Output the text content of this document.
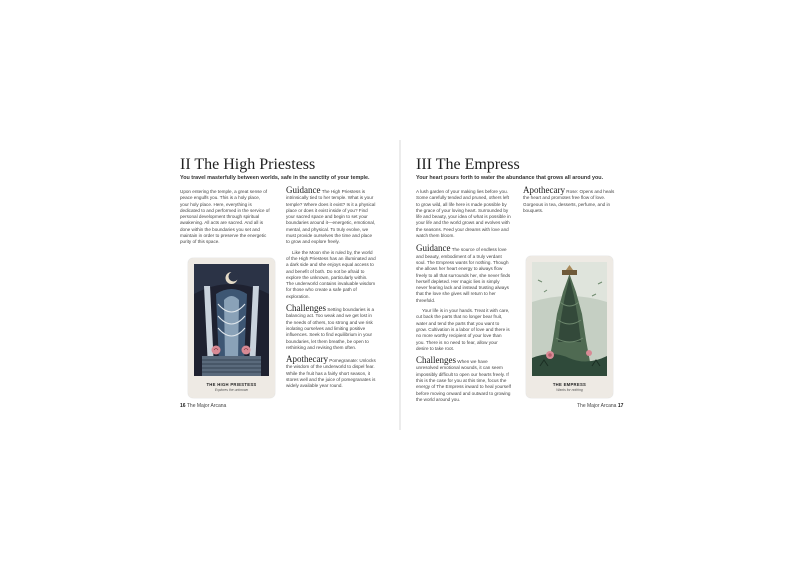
II The High Priestess
You travel masterfully between worlds, safe in the sanctity of your temple.

Upon entering the temple, a great sense of peace engulfs you. This is a holy place, your holy place. Here, everything is dedicated to and performed in the service of personal development through spiritual awakening. All acts are sacred. And all is done within the boundaries you set and maintain in order to preserve the energetic purity of this space.

Guidance The High Priestess is intrinsically tied to her temple. What is your temple? Where does it exist? Is it a physical place or does it exist inside of you? Find your sacred space and begin to set your boundaries around it—energetic, emotional, mental, and physical. To truly evolve, we must provide ourselves the time and place to grow and explore freely.

Like the Moon she is ruled by, the world of the High Priestess has an illuminated and a dark side and she enjoys equal access to and benefit of both. Do not be afraid to explore the unknown, particularly within. The underworld contains invaluable wisdom for those who create a safe path of exploration.

Challenges Setting boundaries is a balancing act. Too weak and we get lost in the needs of others, too strong and we risk isolating ourselves and limiting positive influences. Seek to find equilibrium in your boundaries, let them breathe, be open to rethinking and revising them often.
Apothecary Pomegranate: Unlocks the wisdom of the underworld to dispel fear. While the fruit has a fairly short season, it stores well and the juice of pomegranates is widely available year round.
THE HIGH PRIESTESS
Explores the unknown
16 The Major Arcana
III The Empress
Your heart pours forth to water the abundance that grows all around you.

A lush garden of your making lies before you. Some carefully tended and pruned, others left to grow wild, all life here is made possible by the grace of your loving heart. Surrounded by life and beauty, your idea of what is possible in your life and the world grows and evolves with the seasons. Feed your dreams with love and watch them bloom.

Guidance The source of endless love and beauty, embodiment of a truly verdant soul. The Empress wants for nothing. Though she allows her heart energy to always flow freely to all that surrounds her, she never finds herself depleted. Her magic lies in simply never fearing lack and instead trusting always that the love she gives will return to her threefold.

Your life is in your hands. Treat it with care, cut back the parts that no longer bear fruit, water and tend the parts that you want to grow. Cultivation is a labor of love and there is no more worthy recipient of your love than you. There is no need to fear, allow your desire to take root.

Challenges When we have unresolved emotional wounds, it can seem impossibly difficult to open our hearts freely. If this is the case for you at this time, focus the energy of The Empress inward to heal yourself before moving onward and outward to growing the world around you.
Apothecary Rose: Opens and heals the heart and promotes free flow of love. Gorgeous in tea, desserts, perfume, and in bouquets.
THE EMPRESS
Wants for nothing
The Major Arcana 17
